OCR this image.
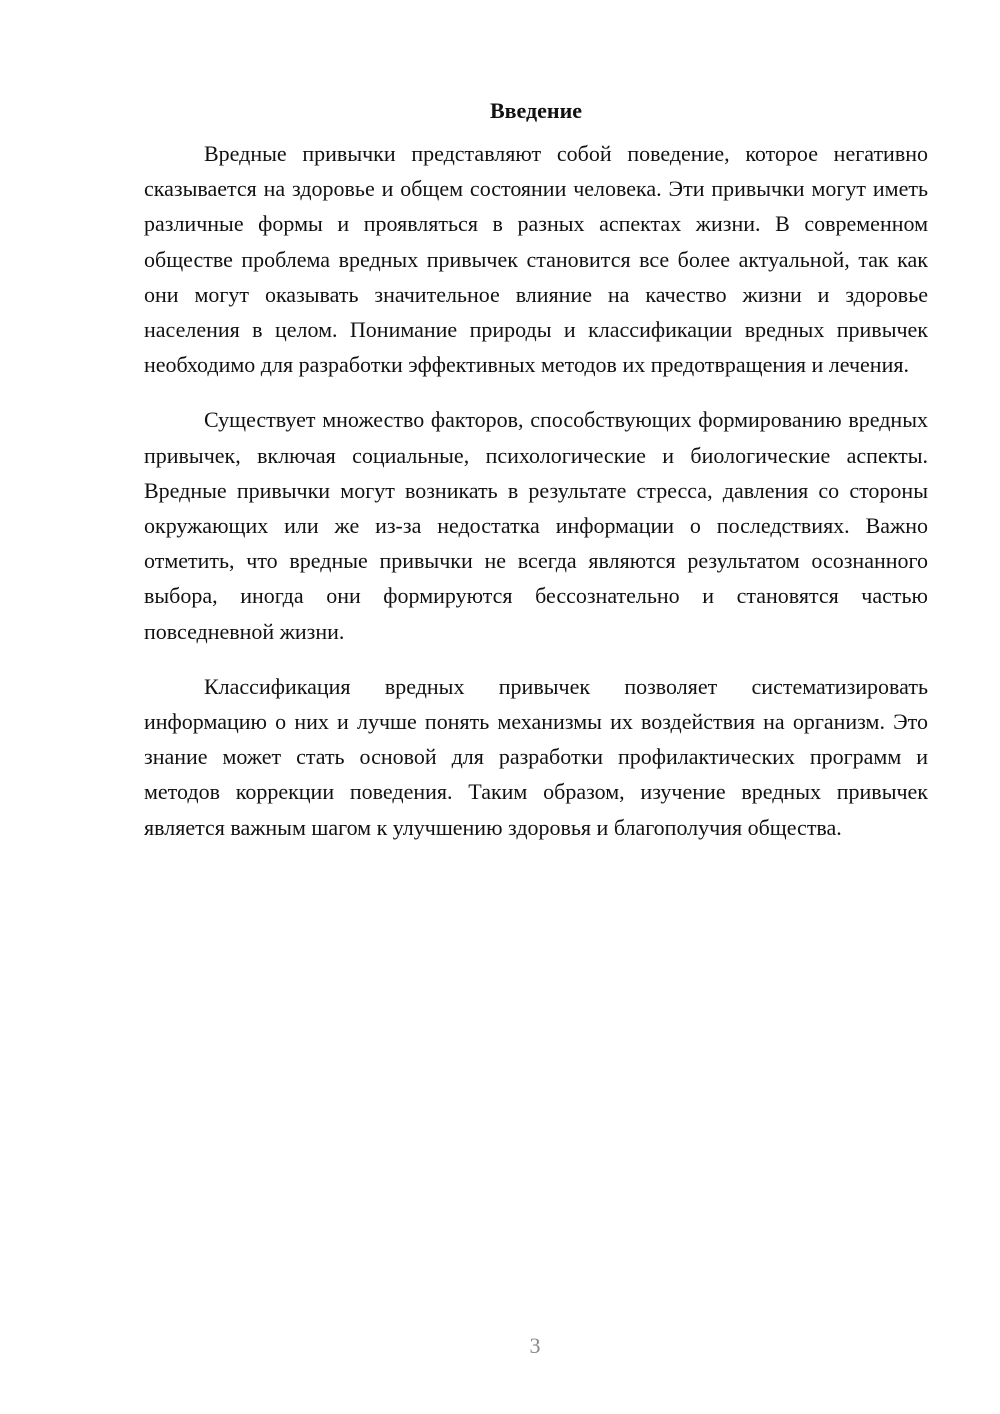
Введение

Вредные привычки представляют собой поведение, которое негативно сказывается на здоровье и общем состоянии человека. Эти привычки могут иметь различные формы и проявляться в разных аспектах жизни. В современном обществе проблема вредных привычек становится все более актуальной, так как они могут оказывать значительное влияние на качество жизни и здоровье населения в целом. Понимание природы и классификации вредных привычек необходимо для разработки эффективных методов их предотвращения и лечения.

Существует множество факторов, способствующих формированию вредных привычек, включая социальные, психологические и биологические аспекты. Вредные привычки могут возникать в результате стресса, давления со стороны окружающих или же из-за недостатка информации о последствиях. Важно отметить, что вредные привычки не всегда являются результатом осознанного выбора, иногда они формируются бессознательно и становятся частью повседневной жизни.

Классификация вредных привычек позволяет систематизировать информацию о них и лучше понять механизмы их воздействия на организм. Это знание может стать основой для разработки профилактических программ и методов коррекции поведения. Таким образом, изучение вредных привычек является важным шагом к улучшению здоровья и благополучия общества.

3
